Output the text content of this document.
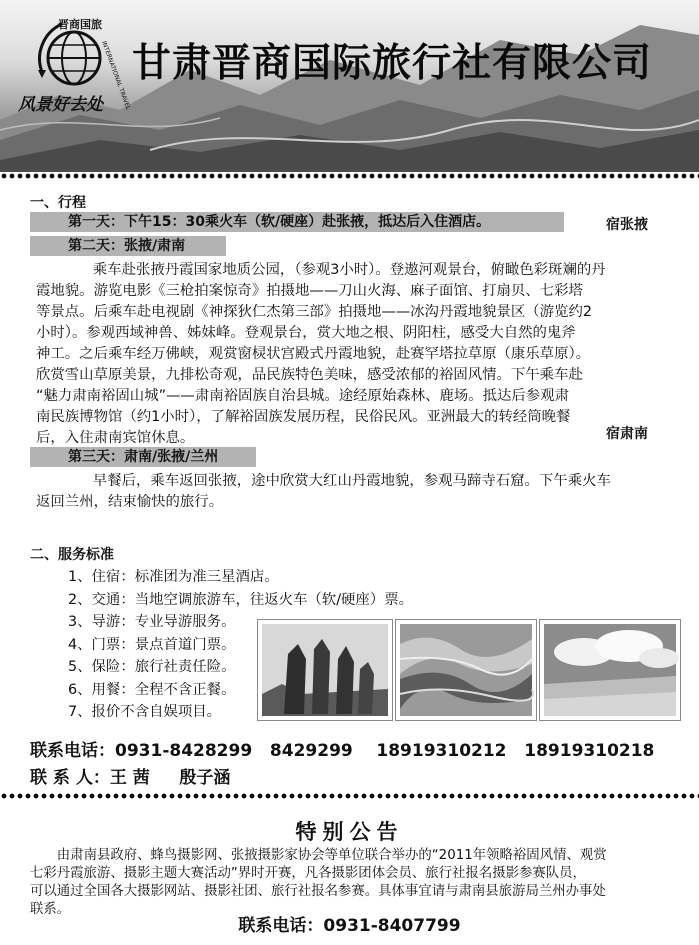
晋商国旅
INTERNATIONAL TRAVEL
风景好去处
甘肃晋商国际旅行社有限公司
一、行程
第一天：下午15：30乘火车（软/硬座）赴张掖，抵达后入住酒店。	宿张掖
第二天：张掖/肃南
乘车赴张掖丹霞国家地质公园，（参观3小时）。登遨河观景台，俯瞰色彩斑斓的丹
霞地貌。游览电影《三枪拍案惊奇》拍摄地——刀山火海、麻子面馆、打扇贝、七彩塔
等景点。后乘车赴电视剧《神探狄仁杰第三部》拍摄地——冰沟丹霞地貌景区（游览约2
小时）。参观西域神兽、姊妹峰。登观景台，赏大地之根、阴阳柱，感受大自然的鬼斧
神工。之后乘车经万佛峡，观赏窗棂状宫殿式丹霞地貌，赴赛罕塔拉草原（康乐草原）。
欣赏雪山草原美景，九排松奇观，品民族特色美味，感受浓郁的裕固风情。下午乘车赴
“魅力肃南裕固山城”——肃南裕固族自治县城。途经原始森林、鹿场。抵达后参观肃
南民族博物馆（约1小时），了解裕固族发展历程，民俗民风。亚洲最大的转经筒晚餐
后，入住肃南宾馆休息。	宿肃南
第三天：肃南/张掖/兰州
早餐后，乘车返回张掖，途中欣赏大红山丹霞地貌，参观马蹄寺石窟。下午乘火车
返回兰州，结束愉快的旅行。
二、服务标准
1、住宿：标准团为准三星酒店。
2、交通：当地空调旅游车，往返火车（软/硬座）票。
3、导游：专业导游服务。
4、门票：景点首道门票。
5、保险：旅行社责任险。
6、用餐：全程不含正餐。
7、报价不含自娱项目。
联系电话：0931-8428299   8429299    18919310212   18919310218
联 系 人：王 茜     殷子涵
特别公告
由肃南县政府、蜂鸟摄影网、张掖摄影家协会等单位联合举办的“2011年领略裕固风情、观赏
七彩丹霞旅游、摄影主题大赛活动”界时开赛，凡各摄影团体会员、旅行社报名摄影参赛队员，
可以通过全国各大摄影网站、摄影社团、旅行社报名参赛。具体事宜请与肃南县旅游局兰州办事处
联系。
联系电话：0931-8407799
